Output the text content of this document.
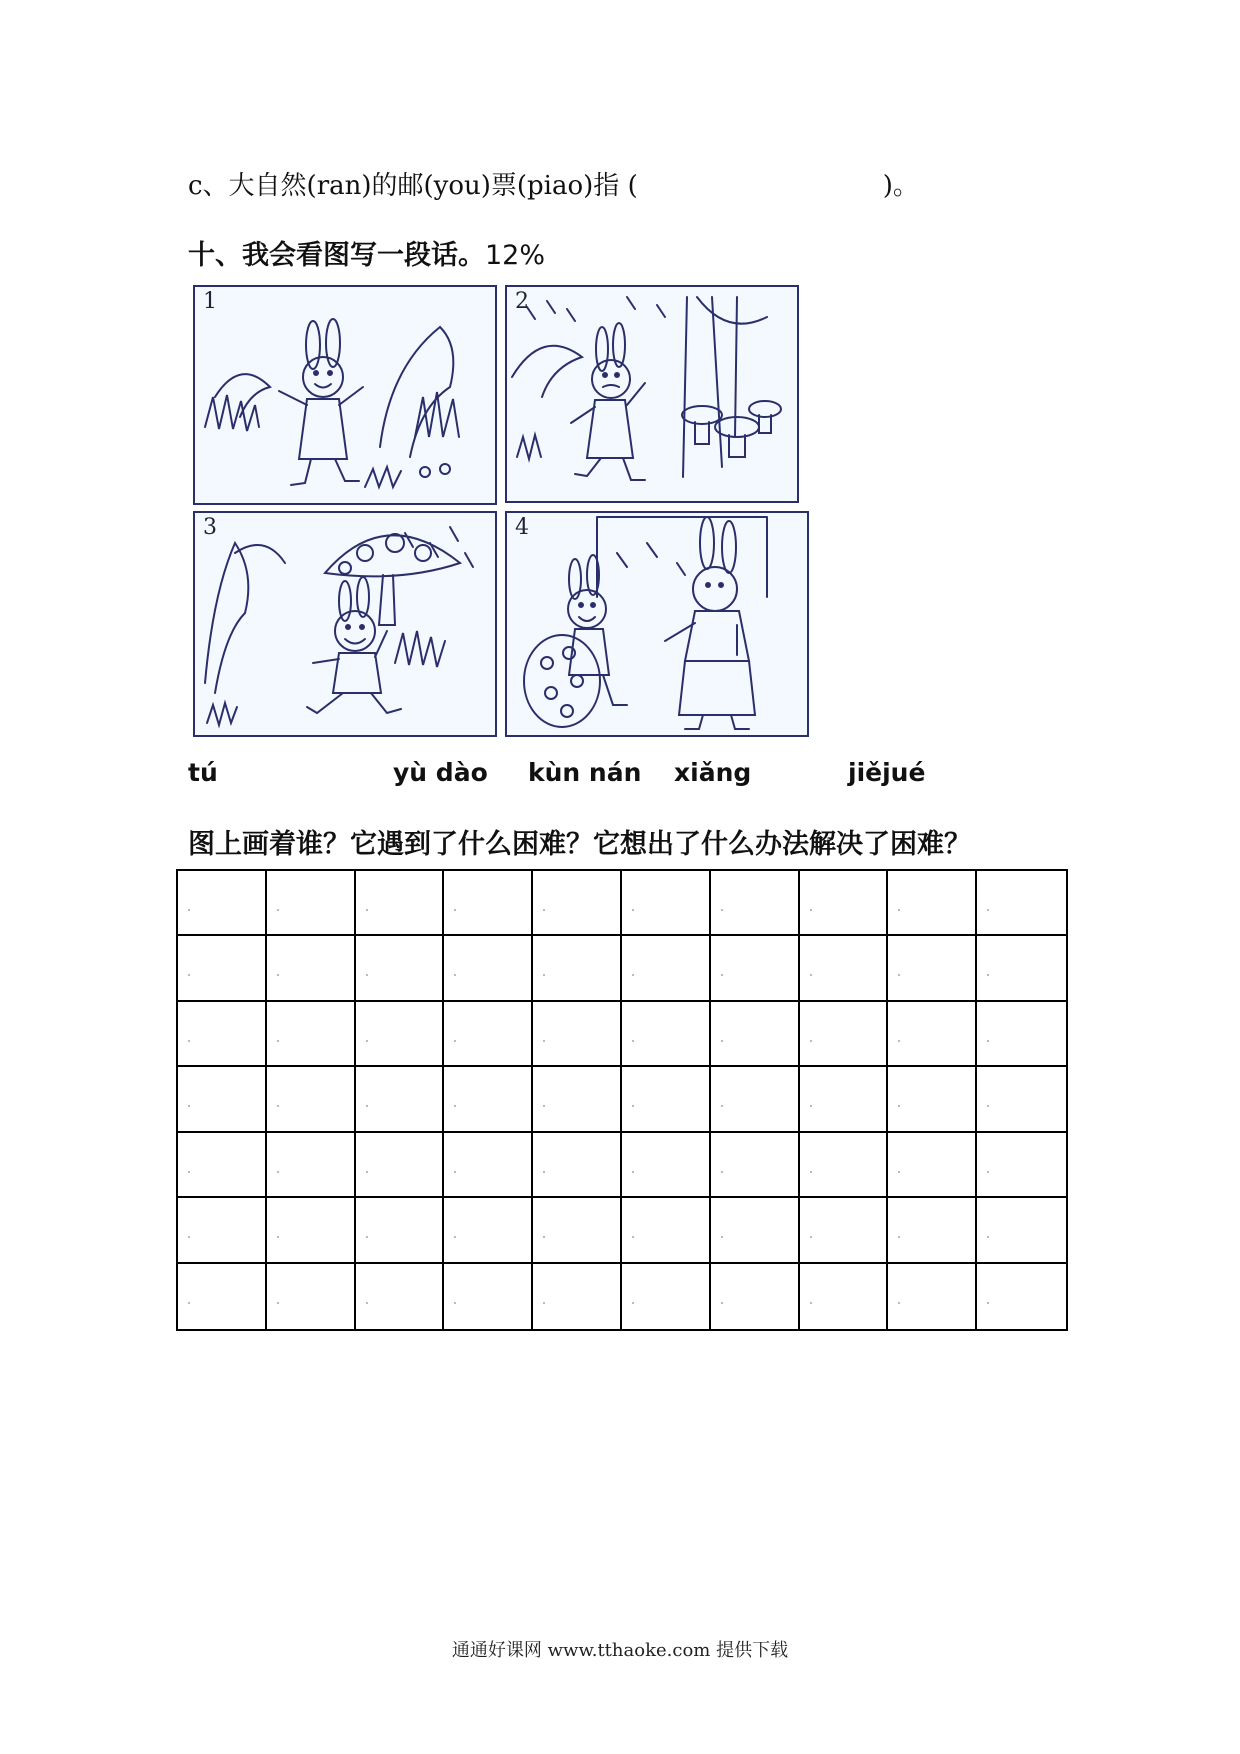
c、大自然(ran)的邮(you)票(piao)指 (	)。
十、我会看图写一段话。12%
1	2
3	4
tú	yù dào kùn nán xiǎng	jiějué
图上画着谁？它遇到了什么困难？它想出了什么办法解决了困难？
通通好课网 www.tthaoke.com 提供下载
